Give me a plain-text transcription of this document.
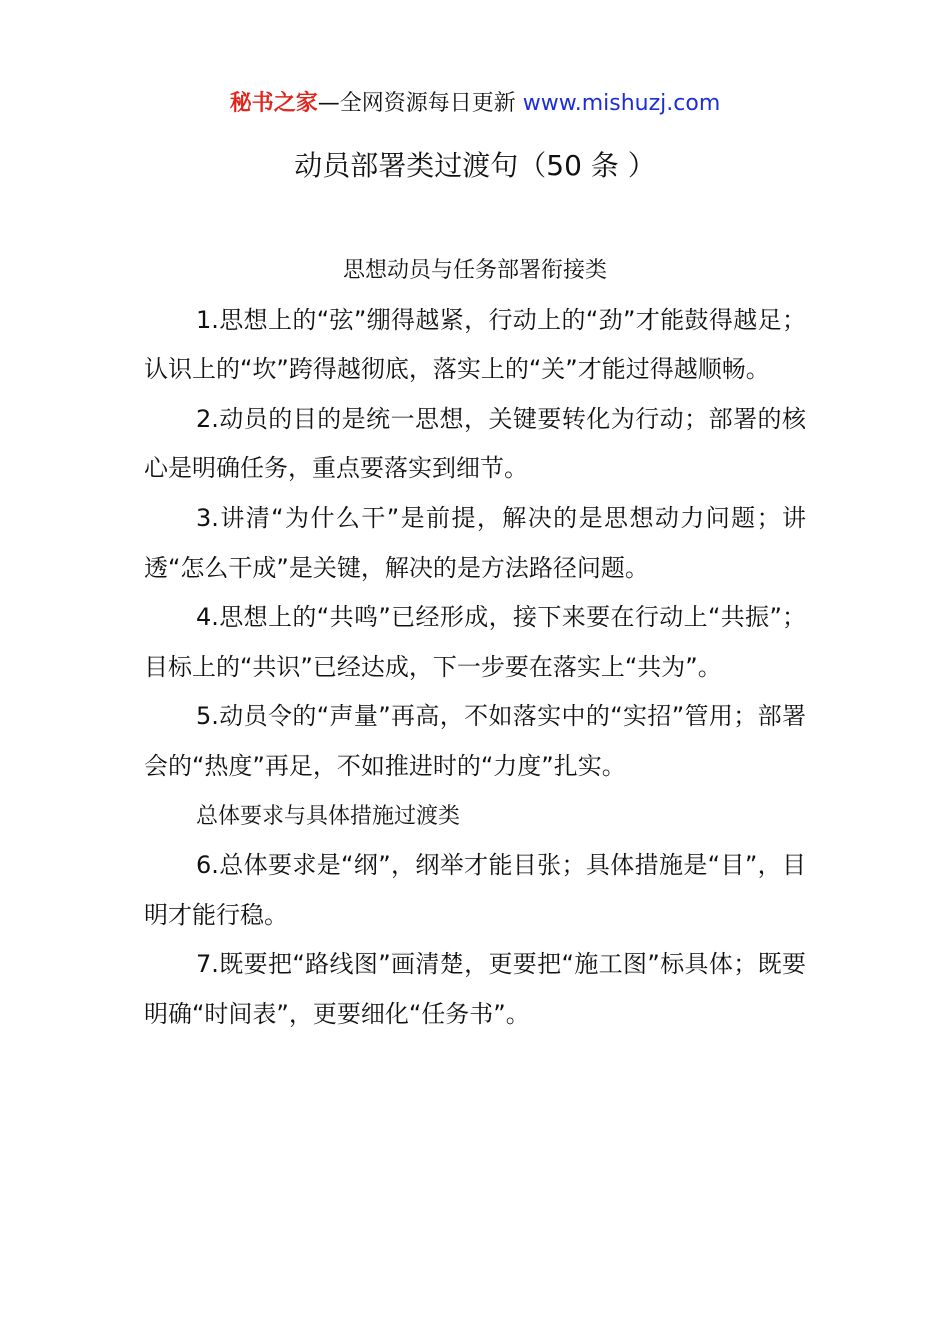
秘书之家—全网资源每日更新 www.mishuzj.com
动员部署类过渡句（50 条 ）

思想动员与任务部署衔接类

1.思想上的“弦”绷得越紧，行动上的“劲”才能鼓得越足；认识上的“坎”跨得越彻底，落实上的“关”才能过得越顺畅。

2.动员的目的是统一思想，关键要转化为行动；部署的核心是明确任务，重点要落实到细节。

3.讲清“为什么干”是前提，解决的是思想动力问题；讲透“怎么干成”是关键，解决的是方法路径问题。

4.思想上的“共鸣”已经形成，接下来要在行动上“共振”；目标上的“共识”已经达成，下一步要在落实上“共为”。

5.动员令的“声量”再高，不如落实中的“实招”管用；部署会的“热度”再足，不如推进时的“力度”扎实。

总体要求与具体措施过渡类

6.总体要求是“纲”，纲举才能目张；具体措施是“目”，目明才能行稳。

7.既要把“路线图”画清楚，更要把“施工图”标具体；既要明确“时间表”，更要细化“任务书”。
